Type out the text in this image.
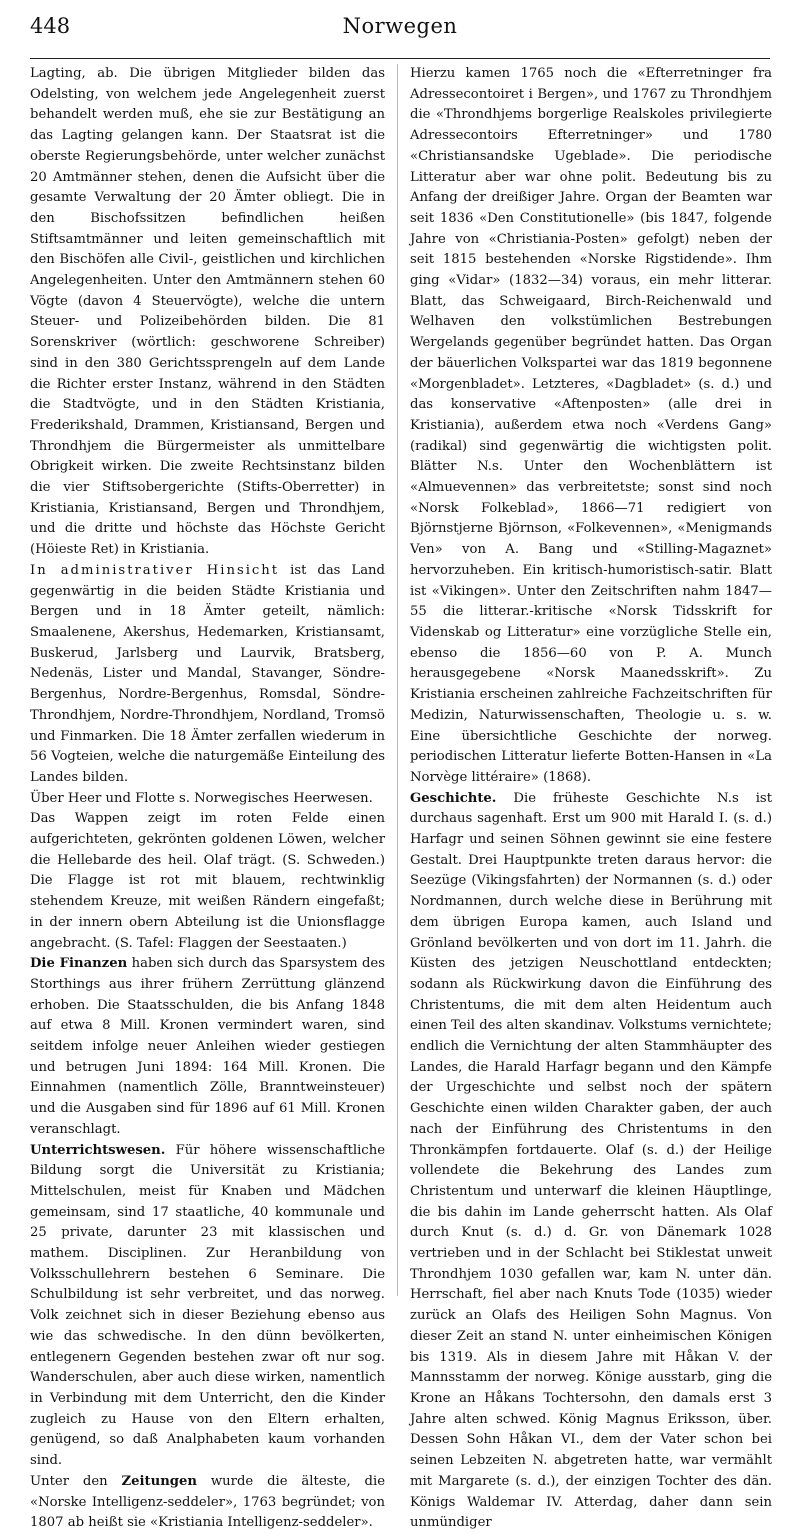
448	Norwegen

Lagting, ab. Die übrigen Mitglieder bilden das Odelsting, von welchem jede Angelegenheit zuerst behandelt werden muß, ehe sie zur Bestätigung an das Lagting gelangen kann. Der Staatsrat ist die oberste Regierungsbehörde, unter welcher zunächst 20 Amtmänner stehen, denen die Aufsicht über die gesamte Verwaltung der 20 Ämter obliegt. Die in den Bischofssitzen befindlichen heißen Stiftsamtmänner und leiten gemeinschaftlich mit den Bischöfen alle Civil-, geistlichen und kirchlichen Angelegenheiten. Unter den Amtmännern stehen 60 Vögte (davon 4 Steuervögte), welche die untern Steuer- und Polizeibehörden bilden. Die 81 Sorenskriver (wörtlich: geschworene Schreiber) sind in den 380 Gerichtssprengeln auf dem Lande die Richter erster Instanz, während in den Städten die Stadtvögte, und in den Städten Kristiania, Frederikshald, Drammen, Kristiansand, Bergen und Throndhjem die Bürgermeister als unmittelbare Obrigkeit wirken. Die zweite Rechtsinstanz bilden die vier Stiftsobergerichte (Stifts-Oberretter) in Kristiania, Kristiansand, Bergen und Throndhjem, und die dritte und höchste das Höchste Gericht (Höieste Ret) in Kristiania.

In administrativer Hinsicht ist das Land gegenwärtig in die beiden Städte Kristiania und Bergen und in 18 Ämter geteilt, nämlich: Smaalenene, Akershus, Hedemarken, Kristiansamt, Buskerud, Jarlsberg und Laurvik, Bratsberg, Nedenäs, Lister und Mandal, Stavanger, Söndre-Bergenhus, Nordre-Bergenhus, Romsdal, Söndre-Throndhjem, Nordre-Throndhjem, Nordland, Tromsö und Finmarken. Die 18 Ämter zerfallen wiederum in 56 Vogteien, welche die naturgemäße Einteilung des Landes bilden.

Über Heer und Flotte s. Norwegisches Heerwesen.

Das Wappen zeigt im roten Felde einen aufgerichteten, gekrönten goldenen Löwen, welcher die Hellebarde des heil. Olaf trägt. (S. Schweden.) Die Flagge ist rot mit blauem, rechtwinklig stehendem Kreuze, mit weißen Rändern eingefaßt; in der innern obern Abteilung ist die Unionsflagge angebracht. (S. Tafel: Flaggen der Seestaaten.)

Die Finanzen haben sich durch das Sparsystem des Storthings aus ihrer frühern Zerrüttung glänzend erhoben. Die Staatsschulden, die bis Anfang 1848 auf etwa 8 Mill. Kronen vermindert waren, sind seitdem infolge neuer Anleihen wieder gestiegen und betrugen Juni 1894: 164 Mill. Kronen. Die Einnahmen (namentlich Zölle, Branntweinsteuer) und die Ausgaben sind für 1896 auf 61 Mill. Kronen veranschlagt.

Unterrichtswesen. Für höhere wissenschaftliche Bildung sorgt die Universität zu Kristiania; Mittelschulen, meist für Knaben und Mädchen gemeinsam, sind 17 staatliche, 40 kommunale und 25 private, darunter 23 mit klassischen und mathem. Disciplinen. Zur Heranbildung von Volksschullehrern bestehen 6 Seminare. Die Schulbildung ist sehr verbreitet, und das norweg. Volk zeichnet sich in dieser Beziehung ebenso aus wie das schwedische. In den dünn bevölkerten, entlegenern Gegenden bestehen zwar oft nur sog. Wanderschulen, aber auch diese wirken, namentlich in Verbindung mit dem Unterricht, den die Kinder zugleich zu Hause von den Eltern erhalten, genügend, so daß Analphabeten kaum vorhanden sind.

Unter den Zeitungen wurde die älteste, die «Norske Intelligenz-seddeler», 1763 begründet; von 1807 ab heißt sie «Kristiania Intelligenz-seddeler».

Hierzu kamen 1765 noch die «Efterretninger fra Adressecontoiret i Bergen», und 1767 zu Throndhjem die «Throndhjems borgerlige Realskoles privilegierte Adressecontoirs Efterretninger» und 1780 «Christiansandske Ugeblade». Die periodische Litteratur aber war ohne polit. Bedeutung bis zu Anfang der dreißiger Jahre. Organ der Beamten war seit 1836 «Den Constitutionelle» (bis 1847, folgende Jahre von «Christiania-Posten» gefolgt) neben der seit 1815 bestehenden «Norske Rigstidende». Ihm ging «Vidar» (1832—34) voraus, ein mehr litterar. Blatt, das Schweigaard, Birch-Reichenwald und Welhaven den volkstümlichen Bestrebungen Wergelands gegenüber begründet hatten. Das Organ der bäuerlichen Volkspartei war das 1819 begonnene «Morgenbladet». Letzteres, «Dagbladet» (s. d.) und das konservative «Aftenposten» (alle drei in Kristiania), außerdem etwa noch «Verdens Gang» (radikal) sind gegenwärtig die wichtigsten polit. Blätter N.s. Unter den Wochenblättern ist «Almuevennen» das verbreitetste; sonst sind noch «Norsk Folkeblad», 1866—71 redigiert von Björnstjerne Björnson, «Folkevennen», «Menigmands Ven» von A. Bang und «Stilling-Magaznet» hervorzuheben. Ein kritisch-humoristisch-satir. Blatt ist «Vikingen». Unter den Zeitschriften nahm 1847—55 die litterar.-kritische «Norsk Tidsskrift for Videnskab og Litteratur» eine vorzügliche Stelle ein, ebenso die 1856—60 von P. A. Munch herausgegebene «Norsk Maanedsskrift». Zu Kristiania erscheinen zahlreiche Fachzeitschriften für Medizin, Naturwissenschaften, Theologie u. s. w. Eine übersichtliche Geschichte der norweg. periodischen Litteratur lieferte Botten-Hansen in «La Norvège littéraire» (1868).

Geschichte. Die früheste Geschichte N.s ist durchaus sagenhaft. Erst um 900 mit Harald I. (s. d.) Harfagr und seinen Söhnen gewinnt sie eine festere Gestalt. Drei Hauptpunkte treten daraus hervor: die Seezüge (Vikingsfahrten) der Normannen (s. d.) oder Nordmannen, durch welche diese in Berührung mit dem übrigen Europa kamen, auch Island und Grönland bevölkerten und von dort im 11. Jahrh. die Küsten des jetzigen Neuschottland entdeckten; sodann als Rückwirkung davon die Einführung des Christentums, die mit dem alten Heidentum auch einen Teil des alten skandinav. Volkstums vernichtete; endlich die Vernichtung der alten Stammhäupter des Landes, die Harald Harfagr begann und den Kämpfe der Urgeschichte und selbst noch der spätern Geschichte einen wilden Charakter gaben, der auch nach der Einführung des Christentums in den Thronkämpfen fortdauerte. Olaf (s. d.) der Heilige vollendete die Bekehrung des Landes zum Christentum und unterwarf die kleinen Häuptlinge, die bis dahin im Lande geherrscht hatten. Als Olaf durch Knut (s. d.) d. Gr. von Dänemark 1028 vertrieben und in der Schlacht bei Stiklestat unweit Throndhjem 1030 gefallen war, kam N. unter dän. Herrschaft, fiel aber nach Knuts Tode (1035) wieder zurück an Olafs des Heiligen Sohn Magnus. Von dieser Zeit an stand N. unter einheimischen Königen bis 1319. Als in diesem Jahre mit Håkan V. der Mannsstamm der norweg. Könige ausstarb, ging die Krone an Håkans Tochtersohn, den damals erst 3 Jahre alten schwed. König Magnus Eriksson, über. Dessen Sohn Håkan VI., dem der Vater schon bei seinen Lebzeiten N. abgetreten hatte, war vermählt mit Margarete (s. d.), der einzigen Tochter des dän. Königs Waldemar IV. Atterdag, daher dann sein unmündiger
